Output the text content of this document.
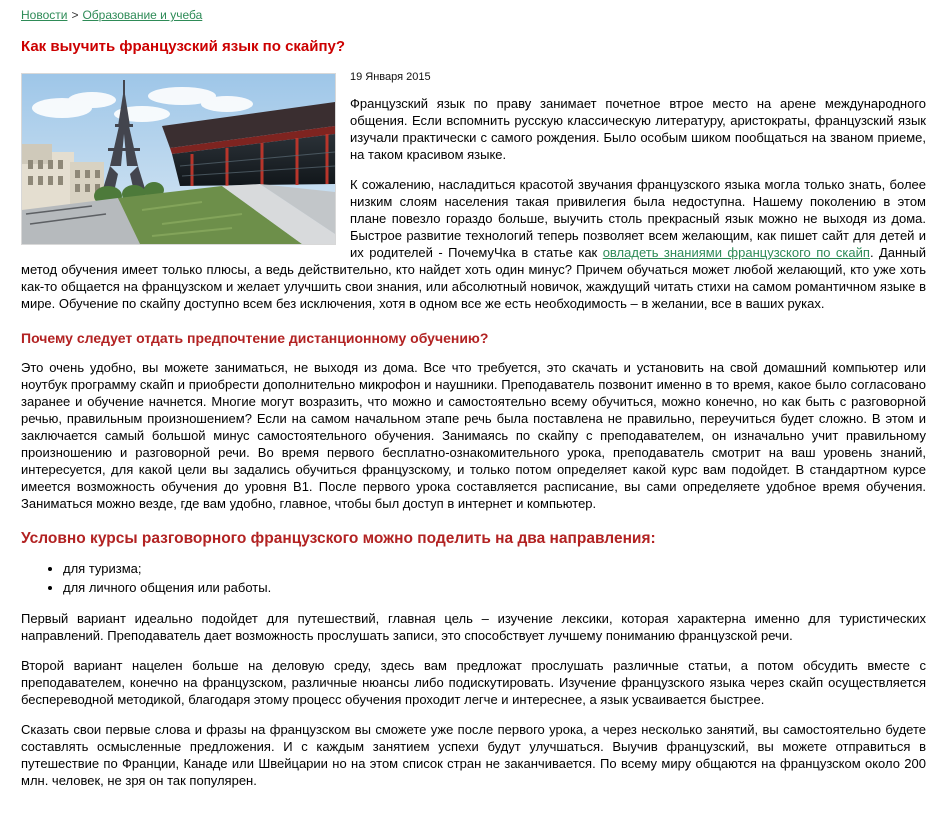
Новости > Образование и учеба
Как выучить французский язык по скайпу?
19 Января 2015

Французский язык по праву занимает почетное втрое место на арене международного общения. Если вспомнить русскую классическую литературу, аристократы, французский язык изучали практически с самого рождения. Было особым шиком пообщаться на званом приеме, на таком красивом языке.

К сожалению, насладиться красотой звучания французского языка могла только знать, более низким слоям населения такая привилегия была недоступна. Нашему поколению в этом плане повезло гораздо больше, выучить столь прекрасный язык можно не выходя из дома. Быстрое развитие технологий теперь позволяет всем желающим, как пишет сайт для детей и их родителей - ПочемуЧка в статье как овладеть знаниями французского по скайп. Данный метод обучения имеет только плюсы, а ведь действительно, кто найдет хоть один минус? Причем обучаться может любой желающий, кто уже хоть как-то общается на французском и желает улучшить свои знания, или абсолютный новичок, жаждущий читать стихи на самом романтичном языке в мире. Обучение по скайпу доступно всем без исключения, хотя в одном все же есть необходимость – в желании, все в ваших руках.

Почему следует отдать предпочтение дистанционному обучению?

Это очень удобно, вы можете заниматься, не выходя из дома. Все что требуется, это скачать и установить на свой домашний компьютер или ноутбук программу скайп и приобрести дополнительно микрофон и наушники. Преподаватель позвонит именно в то время, какое было согласовано заранее и обучение начнется. Многие могут возразить, что можно и самостоятельно всему обучиться, можно конечно, но как быть с разговорной речью, правильным произношением? Если на самом начальном этапе речь была поставлена не правильно, переучиться будет сложно. В этом и заключается самый большой минус самостоятельного обучения. Занимаясь по скайпу с преподавателем, он изначально учит правильному произношению и разговорной речи. Во время первого бесплатно-ознакомительного урока, преподаватель смотрит на ваш уровень знаний, интересуется, для какой цели вы задались обучиться французскому, и только потом определяет какой курс вам подойдет. В стандартном курсе имеется возможность обучения до уровня B1. После первого урока составляется расписание, вы сами определяете удобное время обучения. Заниматься можно везде, где вам удобно, главное, чтобы был доступ в интернет и компьютер.

Условно курсы разговорного французского можно поделить на два направления:
• для туризма;
• для личного общения или работы.

Первый вариант идеально подойдет для путешествий, главная цель – изучение лексики, которая характерна именно для туристических направлений. Преподаватель дает возможность прослушать записи, это способствует лучшему пониманию французской речи.

Второй вариант нацелен больше на деловую среду, здесь вам предложат прослушать различные статьи, а потом обсудить вместе с преподавателем, конечно на французском, различные нюансы либо подискутировать. Изучение французского языка через скайп осуществляется беспереводной методикой, благодаря этому процесс обучения проходит легче и интереснее, а язык усваивается быстрее.

Сказать свои первые слова и фразы на французском вы сможете уже после первого урока, а через несколько занятий, вы самостоятельно будете составлять осмысленные предложения. И с каждым занятием успехи будут улучшаться. Выучив французский, вы можете отправиться в путешествие по Франции, Канаде или Швейцарии но на этом список стран не заканчивается. По всему миру общаются на французском около 200 млн. человек, не зря он так популярен.
